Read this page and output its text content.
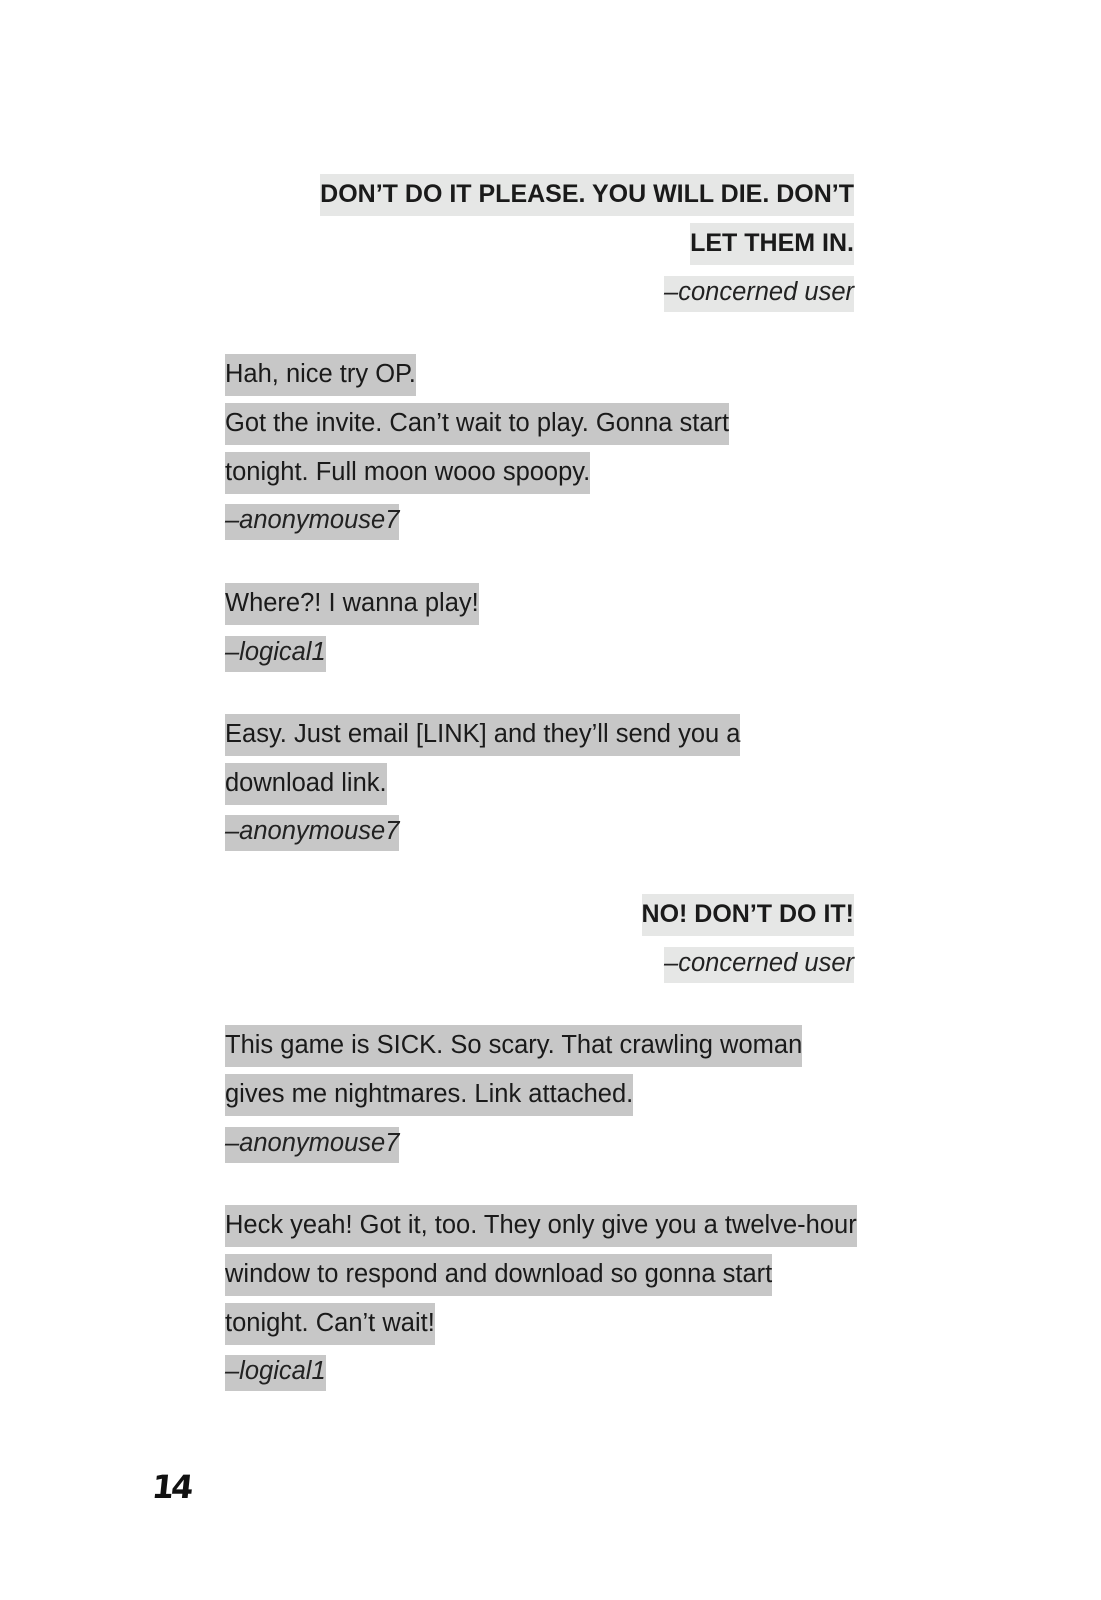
DON’T DO IT PLEASE. YOU WILL DIE. DON’T LET THEM IN.
–concerned user
Hah, nice try OP.
Got the invite. Can’t wait to play. Gonna start tonight. Full moon wooo spoopy.
–anonymouse7
Where?! I wanna play!
–logical1
Easy. Just email [LINK] and they’ll send you a download link.
–anonymouse7
NO! DON’T DO IT!
–concerned user
This game is SICK. So scary. That crawling woman gives me nightmares. Link attached.
–anonymouse7
Heck yeah! Got it, too. They only give you a twelve-hour window to respond and download so gonna start tonight. Can’t wait!
–logical1
14
